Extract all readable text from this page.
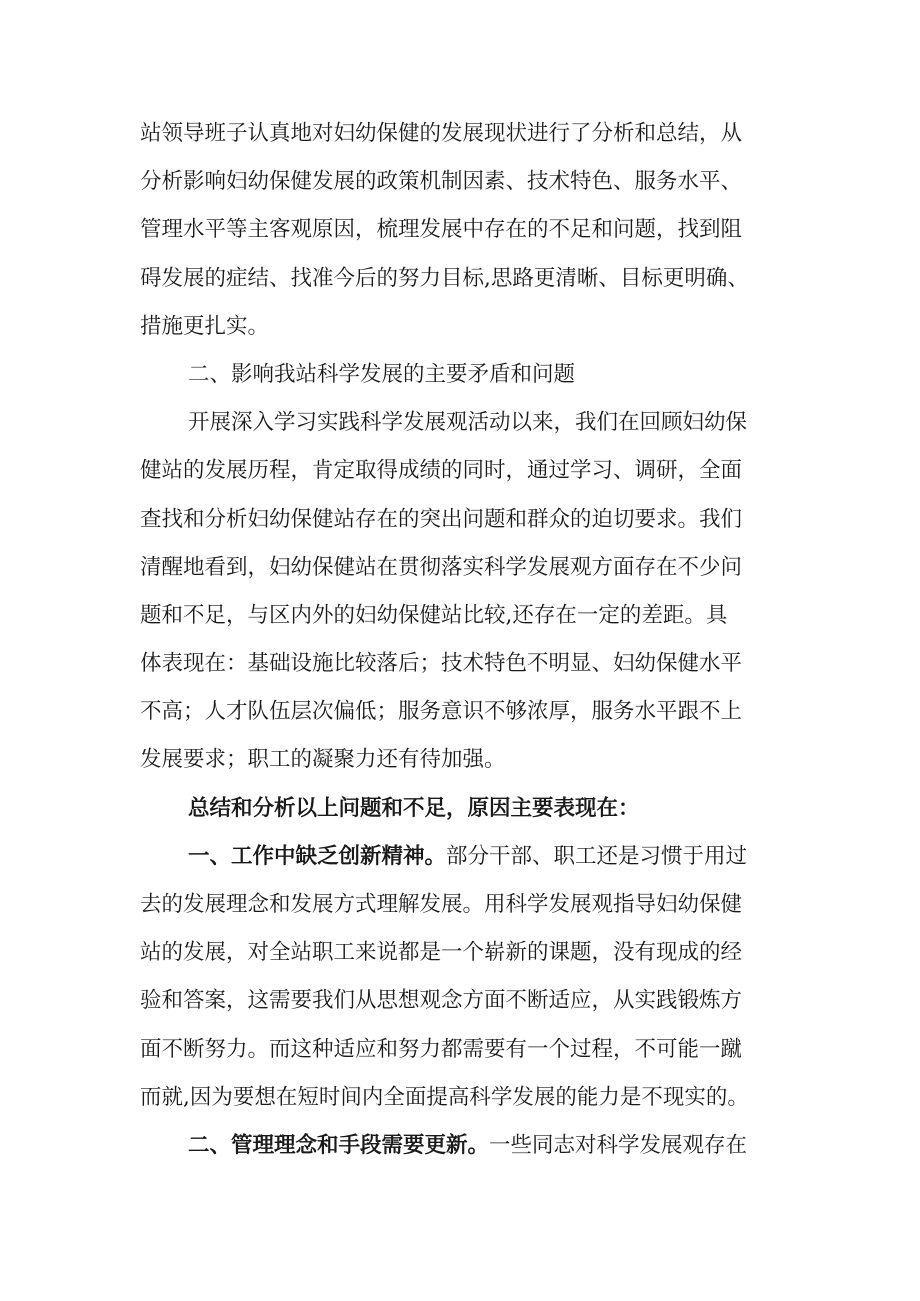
站领导班子认真地对妇幼保健的发展现状进行了分析和总结，从
分析影响妇幼保健发展的政策机制因素、技术特色、服务水平、
管理水平等主客观原因，梳理发展中存在的不足和问题，找到阻
碍发展的症结、找准今后的努力目标,思路更清晰、目标更明确、
措施更扎实。
二、影响我站科学发展的主要矛盾和问题
开展深入学习实践科学发展观活动以来，我们在回顾妇幼保
健站的发展历程，肯定取得成绩的同时，通过学习、调研，全面
查找和分析妇幼保健站存在的突出问题和群众的迫切要求。我们
清醒地看到，妇幼保健站在贯彻落实科学发展观方面存在不少问
题和不足，与区内外的妇幼保健站比较,还存在一定的差距。具
体表现在：基础设施比较落后；技术特色不明显、妇幼保健水平
不高；人才队伍层次偏低；服务意识不够浓厚，服务水平跟不上
发展要求；职工的凝聚力还有待加强。
总结和分析以上问题和不足，原因主要表现在：
一、工作中缺乏创新精神。部分干部、职工还是习惯于用过
去的发展理念和发展方式理解发展。用科学发展观指导妇幼保健
站的发展，对全站职工来说都是一个崭新的课题，没有现成的经
验和答案，这需要我们从思想观念方面不断适应，从实践锻炼方
面不断努力。而这种适应和努力都需要有一个过程，不可能一蹴
而就,因为要想在短时间内全面提高科学发展的能力是不现实的。
二、管理理念和手段需要更新。一些同志对科学发展观存在
